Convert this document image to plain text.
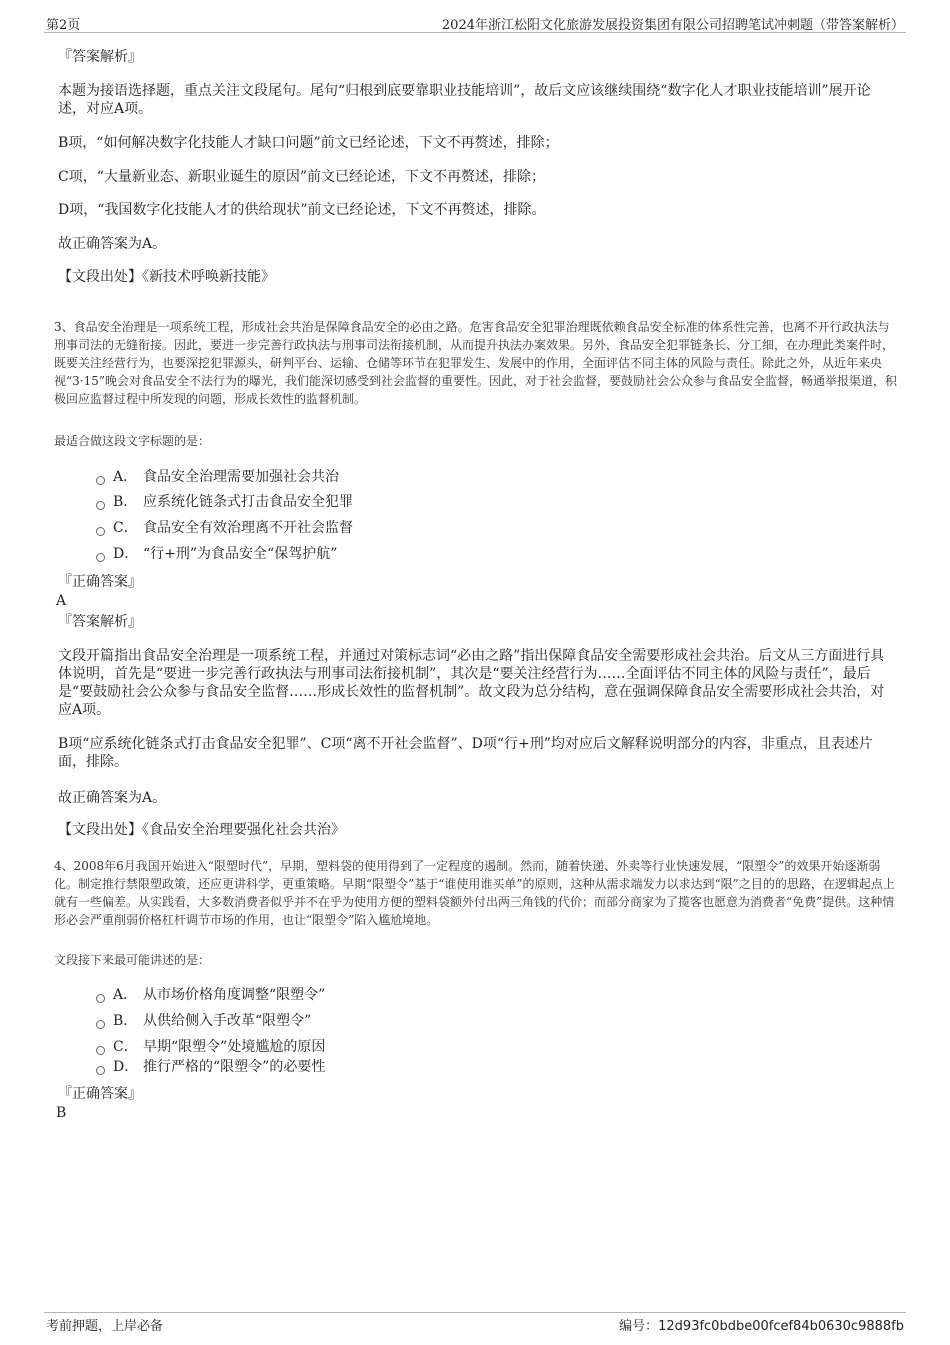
第2页	2024年浙江松阳文化旅游发展投资集团有限公司招聘笔试冲刺题（带答案解析）
『答案解析』
本题为接语选择题，重点关注文段尾句。尾句“归根到底要靠职业技能培训”，故后文应该继续围绕“数字化人才职业技能培训”展开论述，对应A项。
B项，“如何解决数字化技能人才缺口问题”前文已经论述，下文不再赘述，排除；
C项，“大量新业态、新职业诞生的原因”前文已经论述，下文不再赘述，排除；
D项，“我国数字化技能人才的供给现状”前文已经论述，下文不再赘述，排除。
故正确答案为A。
【文段出处】《新技术呼唤新技能》
3、食品安全治理是一项系统工程，形成社会共治是保障食品安全的必由之路。危害食品安全犯罪治理既依赖食品安全标准的体系性完善，也离不开行政执法与刑事司法的无缝衔接。因此，要进一步完善行政执法与刑事司法衔接机制，从而提升执法办案效果。另外，食品安全犯罪链条长、分工细，在办理此类案件时，既要关注经营行为，也要深挖犯罪源头，研判平台、运输、仓储等环节在犯罪发生、发展中的作用，全面评估不同主体的风险与责任。除此之外，从近年来央视“3·15”晚会对食品安全不法行为的曝光，我们能深切感受到社会监督的重要性。因此，对于社会监督，要鼓励社会公众参与食品安全监督，畅通举报渠道，积极回应监督过程中所发现的问题，形成长效性的监督机制。
最适合做这段文字标题的是：
A． 食品安全治理需要加强社会共治
B． 应系统化链条式打击食品安全犯罪
C． 食品安全有效治理离不开社会监督
D． “行+刑”为食品安全“保驾护航”
『正确答案』
A
『答案解析』
文段开篇指出食品安全治理是一项系统工程，并通过对策标志词“必由之路”指出保障食品安全需要形成社会共治。后文从三方面进行具体说明，首先是“要进一步完善行政执法与刑事司法衔接机制”，其次是“要关注经营行为……全面评估不同主体的风险与责任”，最后是“要鼓励社会公众参与食品安全监督……形成长效性的监督机制”。故文段为总分结构，意在强调保障食品安全需要形成社会共治，对应A项。
B项“应系统化链条式打击食品安全犯罪”、C项“离不开社会监督”、D项“行+刑”均对应后文解释说明部分的内容，非重点，且表述片面，排除。
故正确答案为A。
【文段出处】《食品安全治理要强化社会共治》
4、2008年6月我国开始进入“限塑时代”，早期，塑料袋的使用得到了一定程度的遏制。然而，随着快递、外卖等行业快速发展，“限塑令”的效果开始逐渐弱化。制定推行禁限塑政策，还应更讲科学，更重策略。早期“限塑令”基于“谁使用谁买单”的原则，这种从需求端发力以求达到“限”之目的的思路，在逻辑起点上就有一些偏差。从实践看，大多数消费者似乎并不在乎为使用方便的塑料袋额外付出两三角钱的代价；而部分商家为了揽客也愿意为消费者“免费”提供。这种情形必会严重削弱价格杠杆调节市场的作用，也让“限塑令”陷入尴尬境地。
文段接下来最可能讲述的是：
A． 从市场价格角度调整“限塑令”
B． 从供给侧入手改革“限塑令”
C． 早期“限塑令”处境尴尬的原因
D． 推行严格的“限塑令”的必要性
『正确答案』
B
考前押题，上岸必备	编号：12d93fc0bdbe00fcef84b0630c9888fb
